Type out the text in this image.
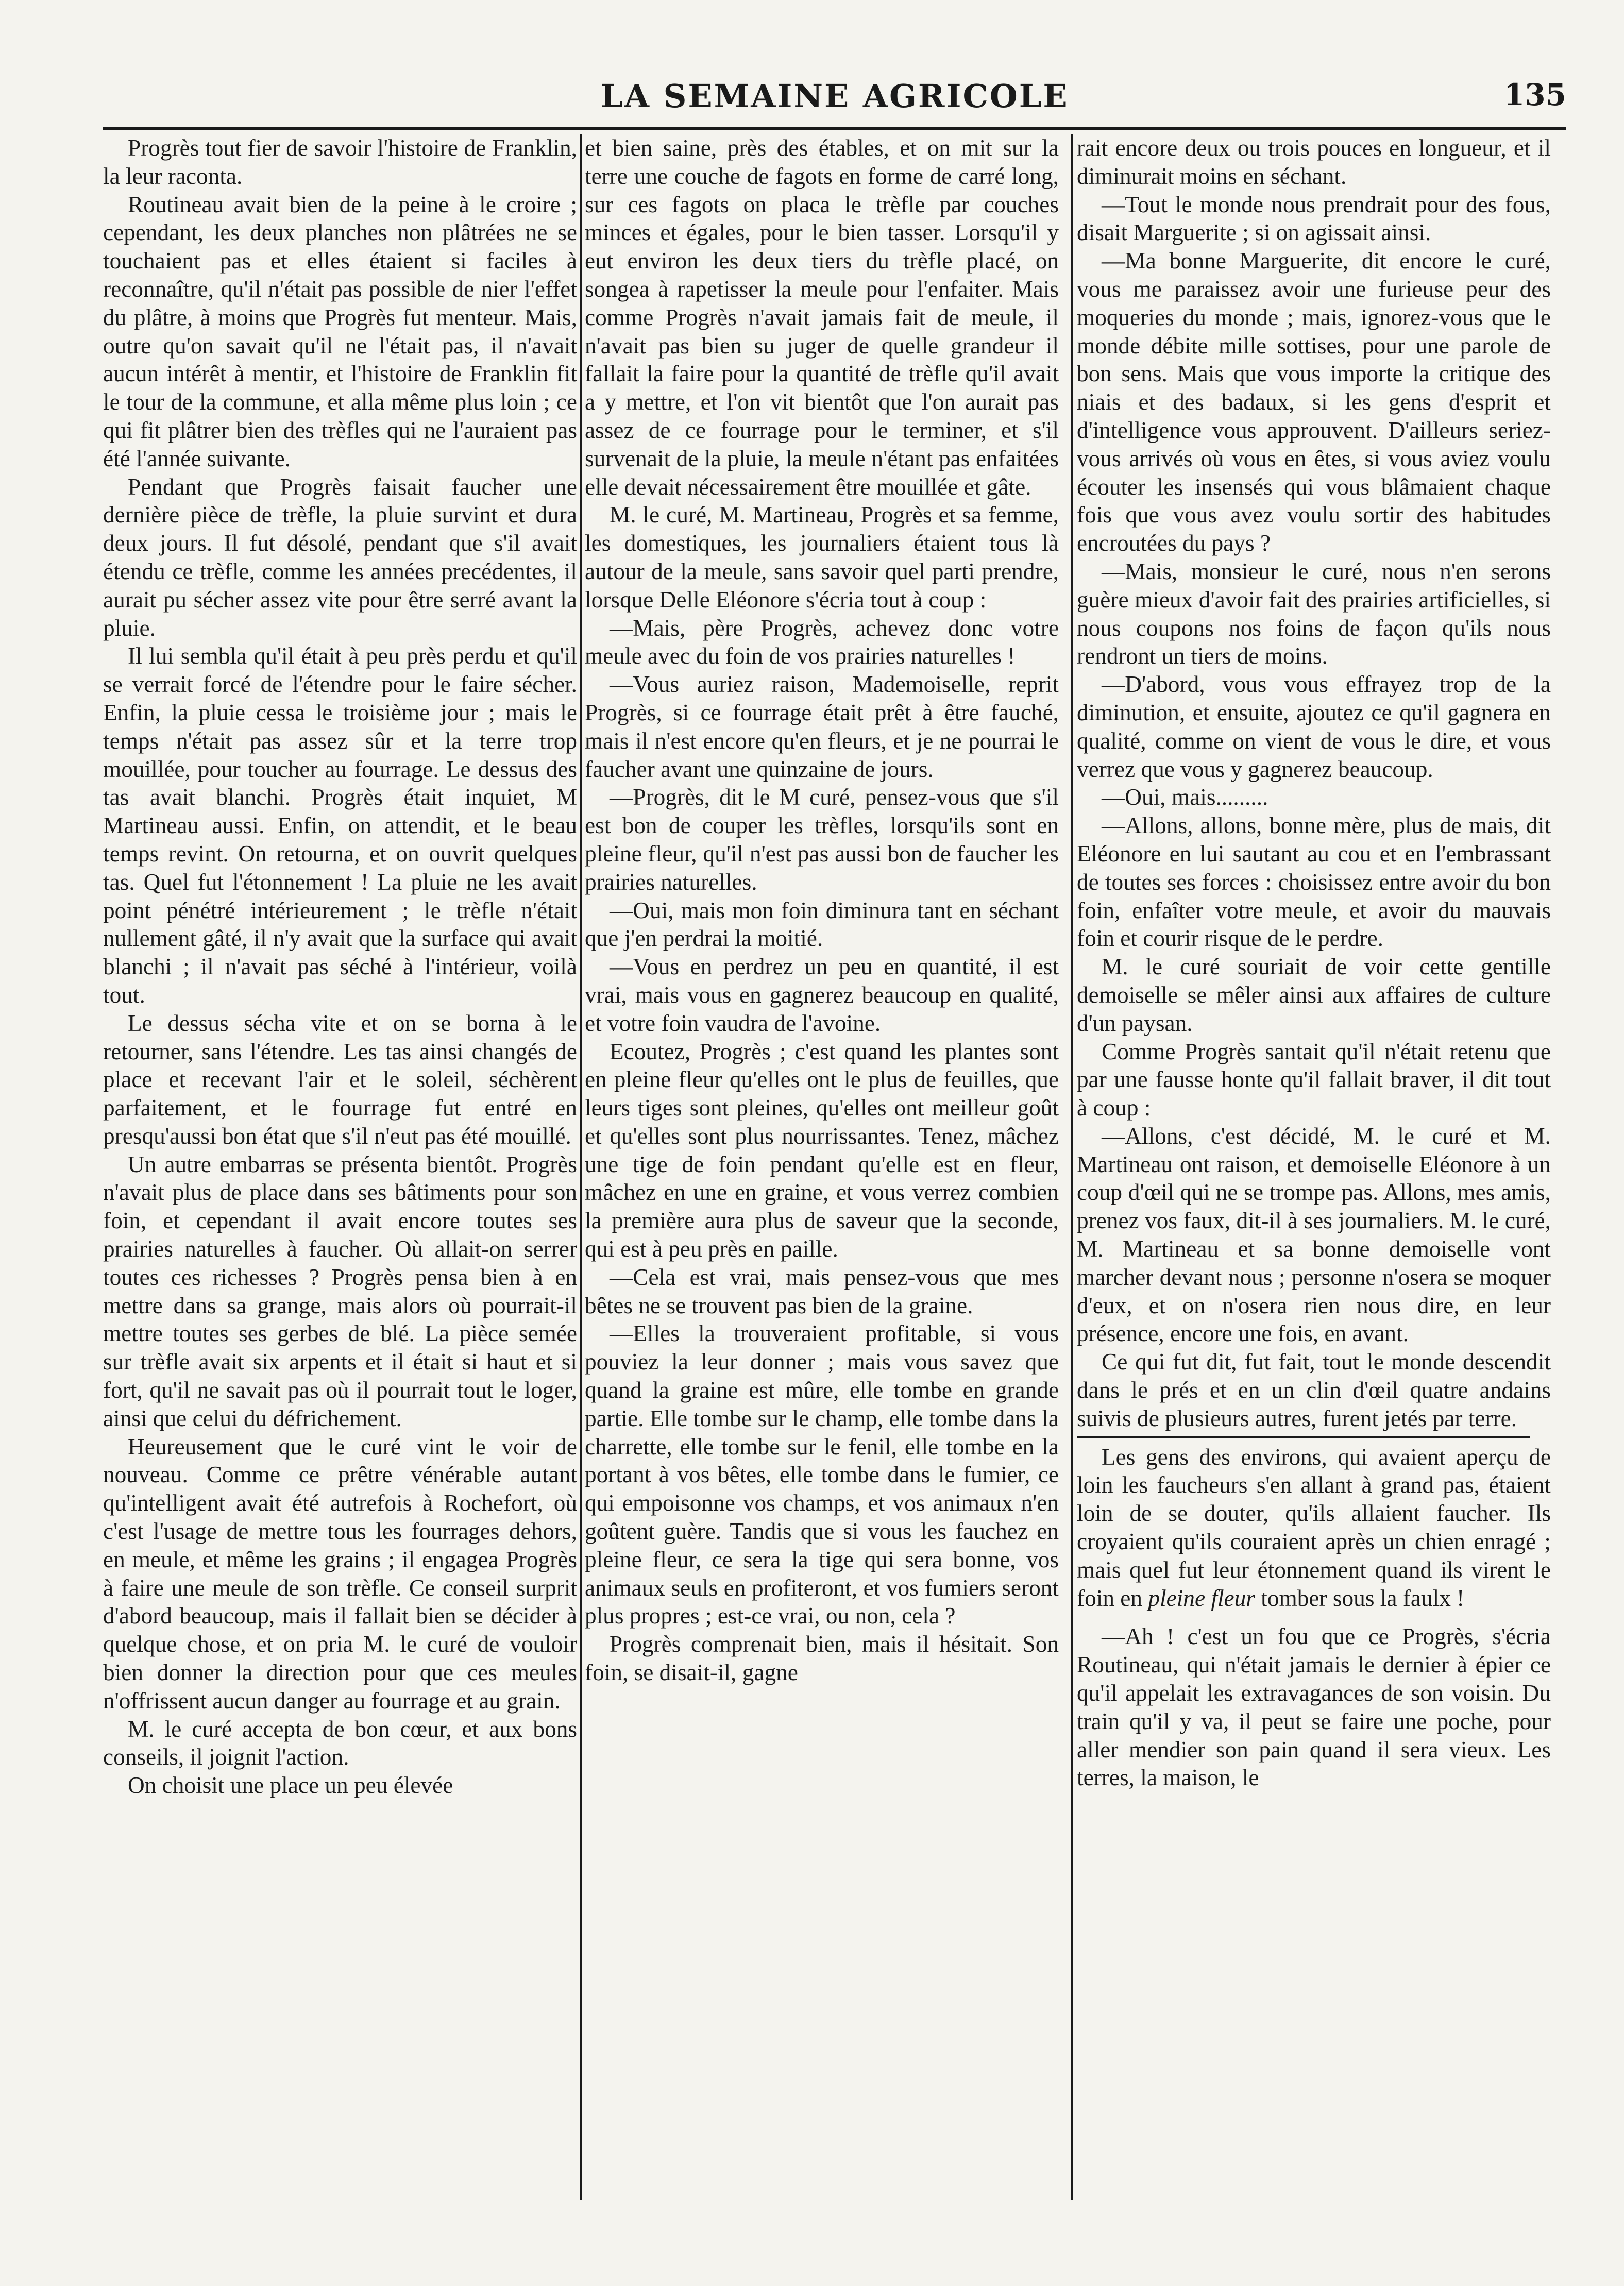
LA SEMAINE AGRICOLE	135

Progrès tout fier de savoir l'histoire de Franklin, la leur raconta.

Routineau avait bien de la peine à le croire ; cependant, les deux planches non plâtrées ne se touchaient pas et elles étaient si faciles à reconnaître, qu'il n'était pas possible de nier l'effet du plâtre, à moins que Progrès fut menteur. Mais, outre qu'on savait qu'il ne l'était pas, il n'avait aucun intérêt à mentir, et l'histoire de Franklin fit le tour de la commune, et alla même plus loin ; ce qui fit plâtrer bien des trèfles qui ne l'auraient pas été l'année suivante.

Pendant que Progrès faisait faucher une dernière pièce de trèfle, la pluie survint et dura deux jours. Il fut désolé, pendant que s'il avait étendu ce trèfle, comme les années precédentes, il aurait pu sécher assez vite pour être serré avant la pluie.

Il lui sembla qu'il était à peu près perdu et qu'il se verrait forcé de l'étendre pour le faire sécher. Enfin, la pluie cessa le troisième jour ; mais le temps n'était pas assez sûr et la terre trop mouillée, pour toucher au fourrage. Le dessus des tas avait blanchi. Progrès était inquiet, M Martineau aussi. Enfin, on attendit, et le beau temps revint. On retourna, et on ouvrit quelques tas. Quel fut l'étonnement ! La pluie ne les avait point pénétré intérieurement ; le trèfle n'était nullement gâté, il n'y avait que la surface qui avait blanchi ; il n'avait pas séché à l'intérieur, voilà tout.

Le dessus sécha vite et on se borna à le retourner, sans l'étendre. Les tas ainsi changés de place et recevant l'air et le soleil, séchèrent parfaitement, et le fourrage fut entré en presqu'aussi bon état que s'il n'eut pas été mouillé.

Un autre embarras se présenta bientôt. Progrès n'avait plus de place dans ses bâtiments pour son foin, et cependant il avait encore toutes ses prairies naturelles à faucher. Où allait-on serrer toutes ces richesses ? Progrès pensa bien à en mettre dans sa grange, mais alors où pourrait-il mettre toutes ses gerbes de blé. La pièce semée sur trèfle avait six arpents et il était si haut et si fort, qu'il ne savait pas où il pourrait tout le loger, ainsi que celui du défrichement.

Heureusement que le curé vint le voir de nouveau. Comme ce prêtre vénérable autant qu'intelligent avait été autrefois à Rochefort, où c'est l'usage de mettre tous les fourrages dehors, en meule, et même les grains ; il engagea Progrès à faire une meule de son trèfle. Ce conseil surprit d'abord beaucoup, mais il fallait bien se décider à quelque chose, et on pria M. le curé de vouloir bien donner la direction pour que ces meules n'offrissent aucun danger au fourrage et au grain.

M. le curé accepta de bon cœur, et aux bons conseils, il joignit l'action.

On choisit une place un peu élevée

et bien saine, près des étables, et on mit sur la terre une couche de fagots en forme de carré long, sur ces fagots on placa le trèfle par couches minces et égales, pour le bien tasser. Lorsqu'il y eut environ les deux tiers du trèfle placé, on songea à rapetisser la meule pour l'enfaiter. Mais comme Progrès n'avait jamais fait de meule, il n'avait pas bien su juger de quelle grandeur il fallait la faire pour la quantité de trèfle qu'il avait a y mettre, et l'on vit bientôt que l'on aurait pas assez de ce fourrage pour le terminer, et s'il survenait de la pluie, la meule n'étant pas enfaitées elle devait nécessairement être mouillée et gâte.

M. le curé, M. Martineau, Progrès et sa femme, les domestiques, les journaliers étaient tous là autour de la meule, sans savoir quel parti prendre, lorsque Delle Eléonore s'écria tout à coup :

—Mais, père Progrès, achevez donc votre meule avec du foin de vos prairies naturelles !

—Vous auriez raison, Mademoiselle, reprit Progrès, si ce fourrage était prêt à être fauché, mais il n'est encore qu'en fleurs, et je ne pourrai le faucher avant une quinzaine de jours.

—Progrès, dit le M curé, pensez-vous que s'il est bon de couper les trèfles, lorsqu'ils sont en pleine fleur, qu'il n'est pas aussi bon de faucher les prairies naturelles.

—Oui, mais mon foin diminura tant en séchant que j'en perdrai la moitié.

—Vous en perdrez un peu en quantité, il est vrai, mais vous en gagnerez beaucoup en qualité, et votre foin vaudra de l'avoine.

Ecoutez, Progrès ; c'est quand les plantes sont en pleine fleur qu'elles ont le plus de feuilles, que leurs tiges sont pleines, qu'elles ont meilleur goût et qu'elles sont plus nourrissantes. Tenez, mâchez une tige de foin pendant qu'elle est en fleur, mâchez en une en graine, et vous verrez combien la première aura plus de saveur que la seconde, qui est à peu près en paille.

—Cela est vrai, mais pensez-vous que mes bêtes ne se trouvent pas bien de la graine.

—Elles la trouveraient profitable, si vous pouviez la leur donner ; mais vous savez que quand la graine est mûre, elle tombe en grande partie. Elle tombe sur le champ, elle tombe dans la charrette, elle tombe sur le fenil, elle tombe en la portant à vos bêtes, elle tombe dans le fumier, ce qui empoisonne vos champs, et vos animaux n'en goûtent guère. Tandis que si vous les fauchez en pleine fleur, ce sera la tige qui sera bonne, vos animaux seuls en profiteront, et vos fumiers seront plus propres ; est-ce vrai, ou non, cela ?

Progrès comprenait bien, mais il hésitait. Son foin, se disait-il, gagne

rait encore deux ou trois pouces en longueur, et il diminurait moins en séchant.

—Tout le monde nous prendrait pour des fous, disait Marguerite ; si on agissait ainsi.

—Ma bonne Marguerite, dit encore le curé, vous me paraissez avoir une furieuse peur des moqueries du monde ; mais, ignorez-vous que le monde débite mille sottises, pour une parole de bon sens. Mais que vous importe la critique des niais et des badaux, si les gens d'esprit et d'intelligence vous approuvent. D'ailleurs seriez-vous arrivés où vous en êtes, si vous aviez voulu écouter les insensés qui vous blâmaient chaque fois que vous avez voulu sortir des habitudes encroutées du pays ?

—Mais, monsieur le curé, nous n'en serons guère mieux d'avoir fait des prairies artificielles, si nous coupons nos foins de façon qu'ils nous rendront un tiers de moins.

—D'abord, vous vous effrayez trop de la diminution, et ensuite, ajoutez ce qu'il gagnera en qualité, comme on vient de vous le dire, et vous verrez que vous y gagnerez beaucoup.

—Oui, mais.........

—Allons, allons, bonne mère, plus de mais, dit Eléonore en lui sautant au cou et en l'embrassant de toutes ses forces : choisissez entre avoir du bon foin, enfaîter votre meule, et avoir du mauvais foin et courir risque de le perdre.

M. le curé souriait de voir cette gentille demoiselle se mêler ainsi aux affaires de culture d'un paysan.

Comme Progrès santait qu'il n'était retenu que par une fausse honte qu'il fallait braver, il dit tout à coup :

—Allons, c'est décidé, M. le curé et M. Martineau ont raison, et demoiselle Eléonore à un coup d'œil qui ne se trompe pas. Allons, mes amis, prenez vos faux, dit-il à ses journaliers. M. le curé, M. Martineau et sa bonne demoiselle vont marcher devant nous ; personne n'osera se moquer d'eux, et on n'osera rien nous dire, en leur présence, encore une fois, en avant.

Ce qui fut dit, fut fait, tout le monde descendit dans le prés et en un clin d'œil quatre andains suivis de plusieurs autres, furent jetés par terre.

Les gens des environs, qui avaient aperçu de loin les faucheurs s'en allant à grand pas, étaient loin de se douter, qu'ils allaient faucher. Ils croyaient qu'ils couraient après un chien enragé ; mais quel fut leur étonnement quand ils virent le foin en pleine fleur tomber sous la faulx !

—Ah ! c'est un fou que ce Progrès, s'écria Routineau, qui n'était jamais le dernier à épier ce qu'il appelait les extravagances de son voisin. Du train qu'il y va, il peut se faire une poche, pour aller mendier son pain quand il sera vieux. Les terres, la maison, le
